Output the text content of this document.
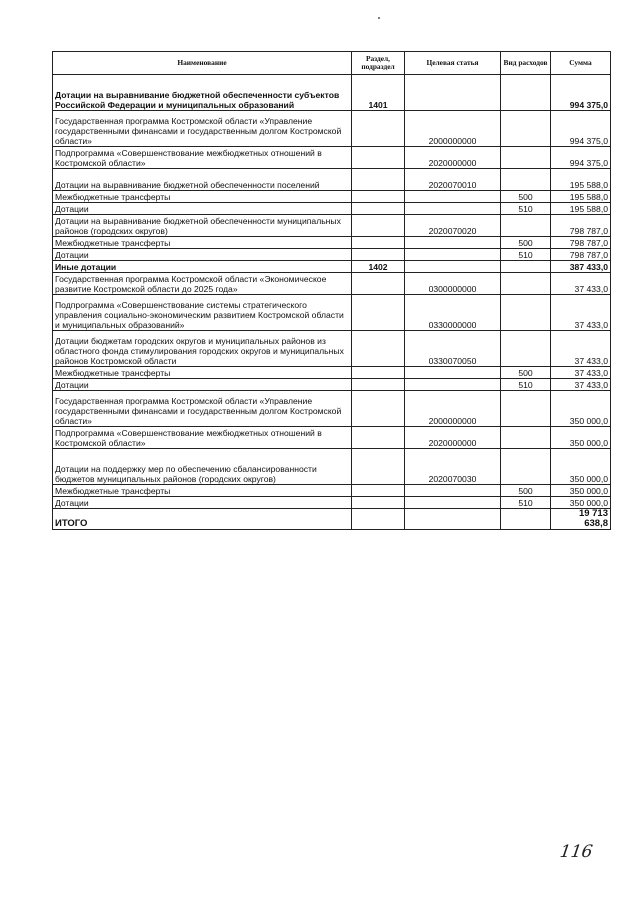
Наименование	Раздел, подраздел	Целевая статья	Вид расходов	Сумма
Дотации на выравнивание бюджетной обеспеченности субъектов Российской Федерации и муниципальных образований	1401			994 375,0
Государственная программа Костромской области «Управление государственными финансами и государственным долгом Костромской области»		2000000000		994 375,0
Подпрограмма «Совершенствование межбюджетных отношений в Костромской области»		2020000000		994 375,0
Дотации на выравнивание бюджетной обеспеченности поселений		2020070010		195 588,0
Межбюджетные трансферты			500	195 588,0
Дотации			510	195 588,0
Дотации на выравнивание бюджетной обеспеченности муниципальных районов (городских округов)		2020070020		798 787,0
Межбюджетные трансферты			500	798 787,0
Дотации			510	798 787,0
Иные дотации	1402			387 433,0
Государственная программа Костромской области «Экономическое развитие Костромской области до 2025 года»		0300000000		37 433,0
Подпрограмма «Совершенствование системы стратегического управления социально-экономическим развитием Костромской области и муниципальных образований»		0330000000		37 433,0
Дотации бюджетам городских округов и муниципальных районов из областного фонда стимулирования городских округов и муниципальных районов Костромской области		0330070050		37 433,0
Межбюджетные трансферты			500	37 433,0
Дотации			510	37 433,0
Государственная программа Костромской области «Управление государственными финансами и государственным долгом Костромской области»		2000000000		350 000,0
Подпрограмма «Совершенствование межбюджетных отношений в Костромской области»		2020000000		350 000,0
Дотации на поддержку мер по обеспечению сбалансированности бюджетов муниципальных районов (городских округов)		2020070030		350 000,0
Межбюджетные трансферты			500	350 000,0
Дотации			510	350 000,0
ИТОГО				19 713 638,8
116
